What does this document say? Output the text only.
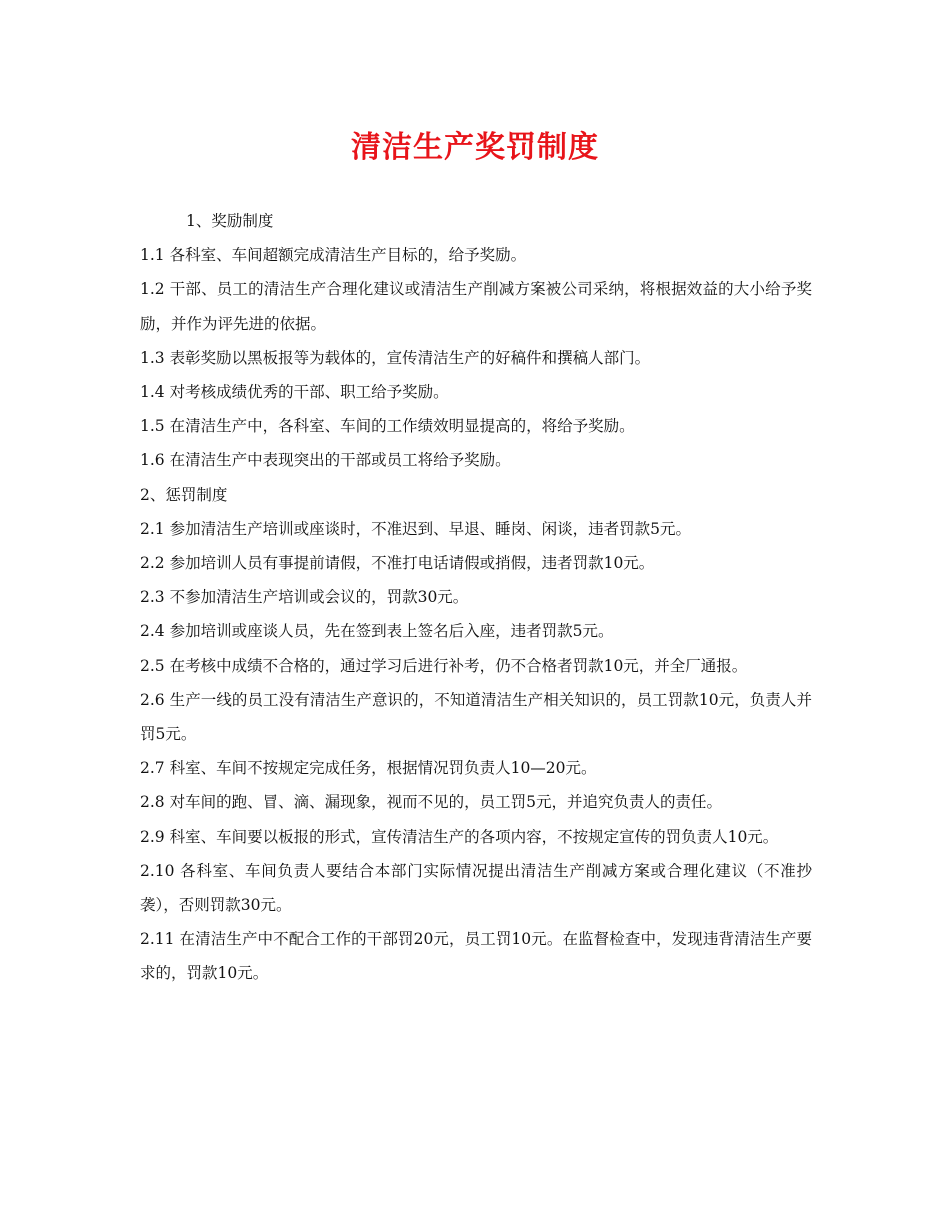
清洁生产奖罚制度

1、奖励制度

1.1 各科室、车间超额完成清洁生产目标的，给予奖励。

1.2 干部、员工的清洁生产合理化建议或清洁生产削减方案被公司采纳，将根据效益的大小给予奖励，并作为评先进的依据。

1.3 表彰奖励以黑板报等为载体的，宣传清洁生产的好稿件和撰稿人部门。

1.4 对考核成绩优秀的干部、职工给予奖励。

1.5 在清洁生产中，各科室、车间的工作绩效明显提高的，将给予奖励。

1.6 在清洁生产中表现突出的干部或员工将给予奖励。

2、惩罚制度

2.1 参加清洁生产培训或座谈时，不准迟到、早退、睡岗、闲谈，违者罚款5元。

2.2 参加培训人员有事提前请假，不准打电话请假或捎假，违者罚款10元。

2.3 不参加清洁生产培训或会议的，罚款30元。

2.4 参加培训或座谈人员，先在签到表上签名后入座，违者罚款5元。

2.5 在考核中成绩不合格的，通过学习后进行补考，仍不合格者罚款10元，并全厂通报。

2.6 生产一线的员工没有清洁生产意识的，不知道清洁生产相关知识的，员工罚款10元，负责人并罚5元。

2.7 科室、车间不按规定完成任务，根据情况罚负责人10—20元。

2.8 对车间的跑、冒、滴、漏现象，视而不见的，员工罚5元，并追究负责人的责任。

2.9 科室、车间要以板报的形式，宣传清洁生产的各项内容，不按规定宣传的罚负责人10元。

2.10 各科室、车间负责人要结合本部门实际情况提出清洁生产削减方案或合理化建议（不准抄袭），否则罚款30元。

2.11 在清洁生产中不配合工作的干部罚20元，员工罚10元。在监督检查中，发现违背清洁生产要求的，罚款10元。
